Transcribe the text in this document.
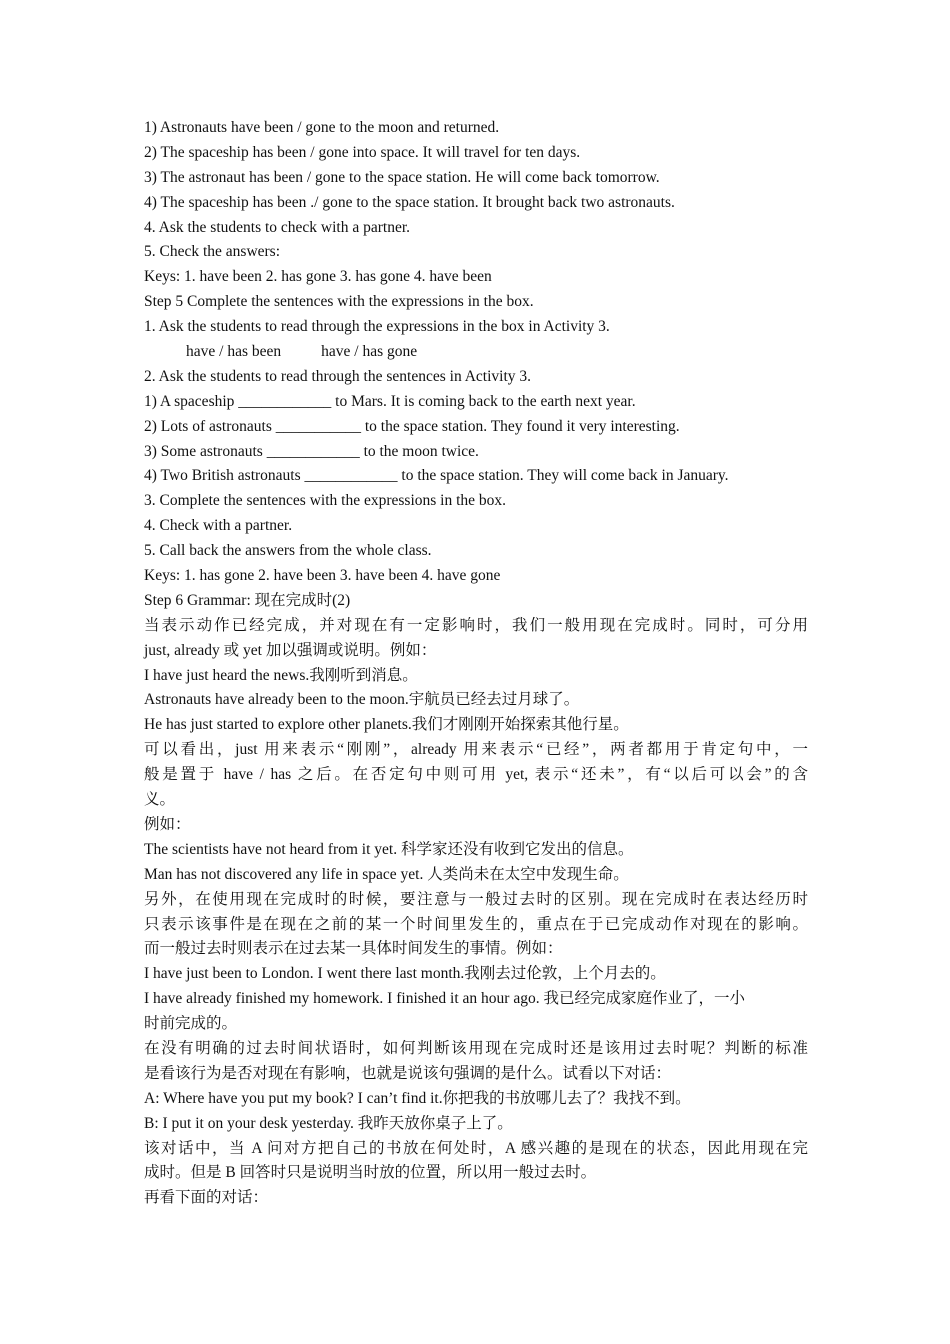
1) Astronauts have been / gone to the moon and returned.
2) The spaceship has been / gone into space. It will travel for ten days.
3) The astronaut has been / gone to the space station. He will come back tomorrow.
4) The spaceship has been ./ gone to the space station. It brought back two astronauts.
4. Ask the students to check with a partner.
5. Check the answers:
Keys: 1. have been 2. has gone 3. has gone 4. have been
Step 5 Complete the sentences with the expressions in the box.
1. Ask the students to read through the expressions in the box in Activity 3.
have / has been	have / has gone
2. Ask the students to read through the sentences in Activity 3.
1) A spaceship ____________ to Mars. It is coming back to the earth next year.
2) Lots of astronauts ___________ to the space station. They found it very interesting.
3) Some astronauts ____________ to the moon twice.
4) Two British astronauts ____________ to the space station. They will come back in January.
3. Complete the sentences with the expressions in the box.
4. Check with a partner.
5. Call back the answers from the whole class.
Keys: 1. has gone 2. have been 3. have been 4. have gone
Step 6 Grammar: 现在完成时(2)
当表示动作已经完成，并对现在有一定影响时，我们一般用现在完成时。同时，可分用
just, already 或 yet 加以强调或说明。例如：
I have just heard the news.我刚听到消息。
Astronauts have already been to the moon.宇航员已经去过月球了。
He has just started to explore other planets.我们才刚刚开始探索其他行星。
可以看出，just 用来表示“刚刚”，already 用来表示“已经”，两者都用于肯定句中，一
般是置于 have / has 之后。在否定句中则可用 yet, 表示“还未”，有“以后可以会”的含
义。
例如：
The scientists have not heard from it yet. 科学家还没有收到它发出的信息。
Man has not discovered any life in space yet. 人类尚未在太空中发现生命。
另外，在使用现在完成时的时候，要注意与一般过去时的区别。现在完成时在表达经历时
只表示该事件是在现在之前的某一个时间里发生的，重点在于已完成动作对现在的影响。
而一般过去时则表示在过去某一具体时间发生的事情。例如：
I have just been to London. I went there last month.我刚去过伦敦，上个月去的。
I have already finished my homework. I finished it an hour ago. 我已经完成家庭作业了，一小
时前完成的。
在没有明确的过去时间状语时，如何判断该用现在完成时还是该用过去时呢？判断的标准
是看该行为是否对现在有影响，也就是说该句强调的是什么。试看以下对话：
A: Where have you put my book? I can’t find it.你把我的书放哪儿去了？我找不到。
B: I put it on your desk yesterday. 我昨天放你桌子上了。
该对话中，当 A 问对方把自己的书放在何处时，A 感兴趣的是现在的状态，因此用现在完
成时。但是 B 回答时只是说明当时放的位置，所以用一般过去时。
再看下面的对话：
